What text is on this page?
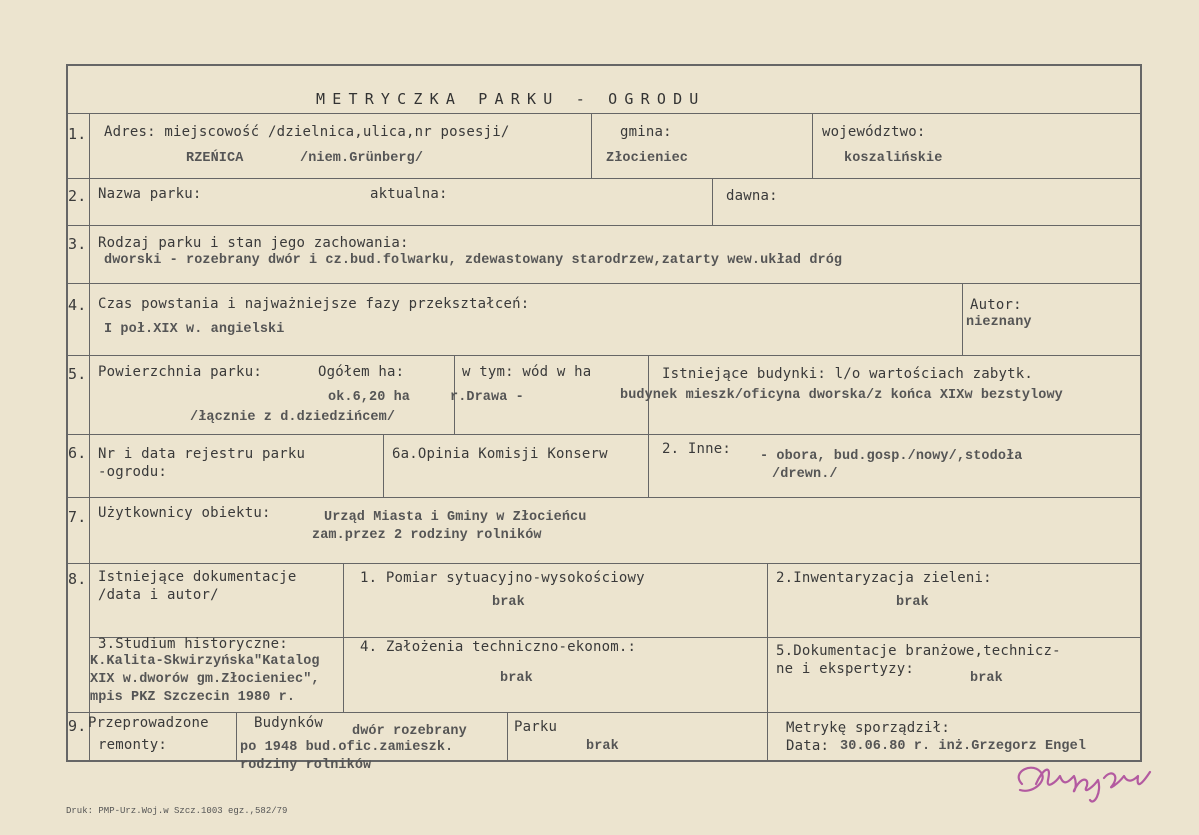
METRYCZKA PARKU - OGRODU
1. Adres: miejscowość /dzielnica,ulica,nr posesji/	gmina:	województwo:
RZEŃICA	/niem.Grünberg/	Złocieniec	koszalińskie
2. Nazwa parku:	aktualna:	dawna:
3. Rodzaj parku i stan jego zachowania:
dworski - rozebrany dwór i cz.bud.folwarku, zdewastowany starodrzew,zatarty wew.układ dróg
4. Czas powstania i najważniejsze fazy przekształceń:
I poł.XIX w. angielski
Autor:
nieznany
5. Powierzchnia parku:	Ogółem ha:
ok.6,20 ha
/łącznie z d.dziedzińcem/
w tym: wód w ha
r.Drawa -
Istniejące budynki: l/o wartościach zabytk.
budynek mieszk/oficyna dworska/z końca XIXw bezstylowy
6. Nr i data rejestru parku
-ogrodu:
6a.Opinia Komisji Konserw	2. Inne: - obora, bud.gosp./nowy/,stodoła
/drewn./
7. Użytkownicy obiektu:	Urząd Miasta i Gminy w Złocieńcu
zam.przez 2 rodziny rolników
8. Istniejące dokumentacje
/data i autor/
1. Pomiar sytuacyjno-wysokościowy
brak
2.Inwentaryzacja zieleni:
brak
3.Studium historyczne:
K.Kalita-Skwirzyńska"Katalog
XIX w.dworów gm.Złocieniec",
mpis PKZ Szczecin 1980 r.
4. Założenia techniczno-ekonom.:
brak
5.Dokumentacje branżowe,technicz-
ne i ekspertyzy:
brak
9. Przeprowadzone
remonty:
Budynków
dwór rozebrany
po 1948 bud.ofic.zamieszk.
rodziny rolników
Parku
brak
Metrykę sporządził:
Data: 30.06.80 r. inż.Grzegorz Engel
Druk: PMP-Urz.Woj.w Szcz.1003 egz.,582/79
